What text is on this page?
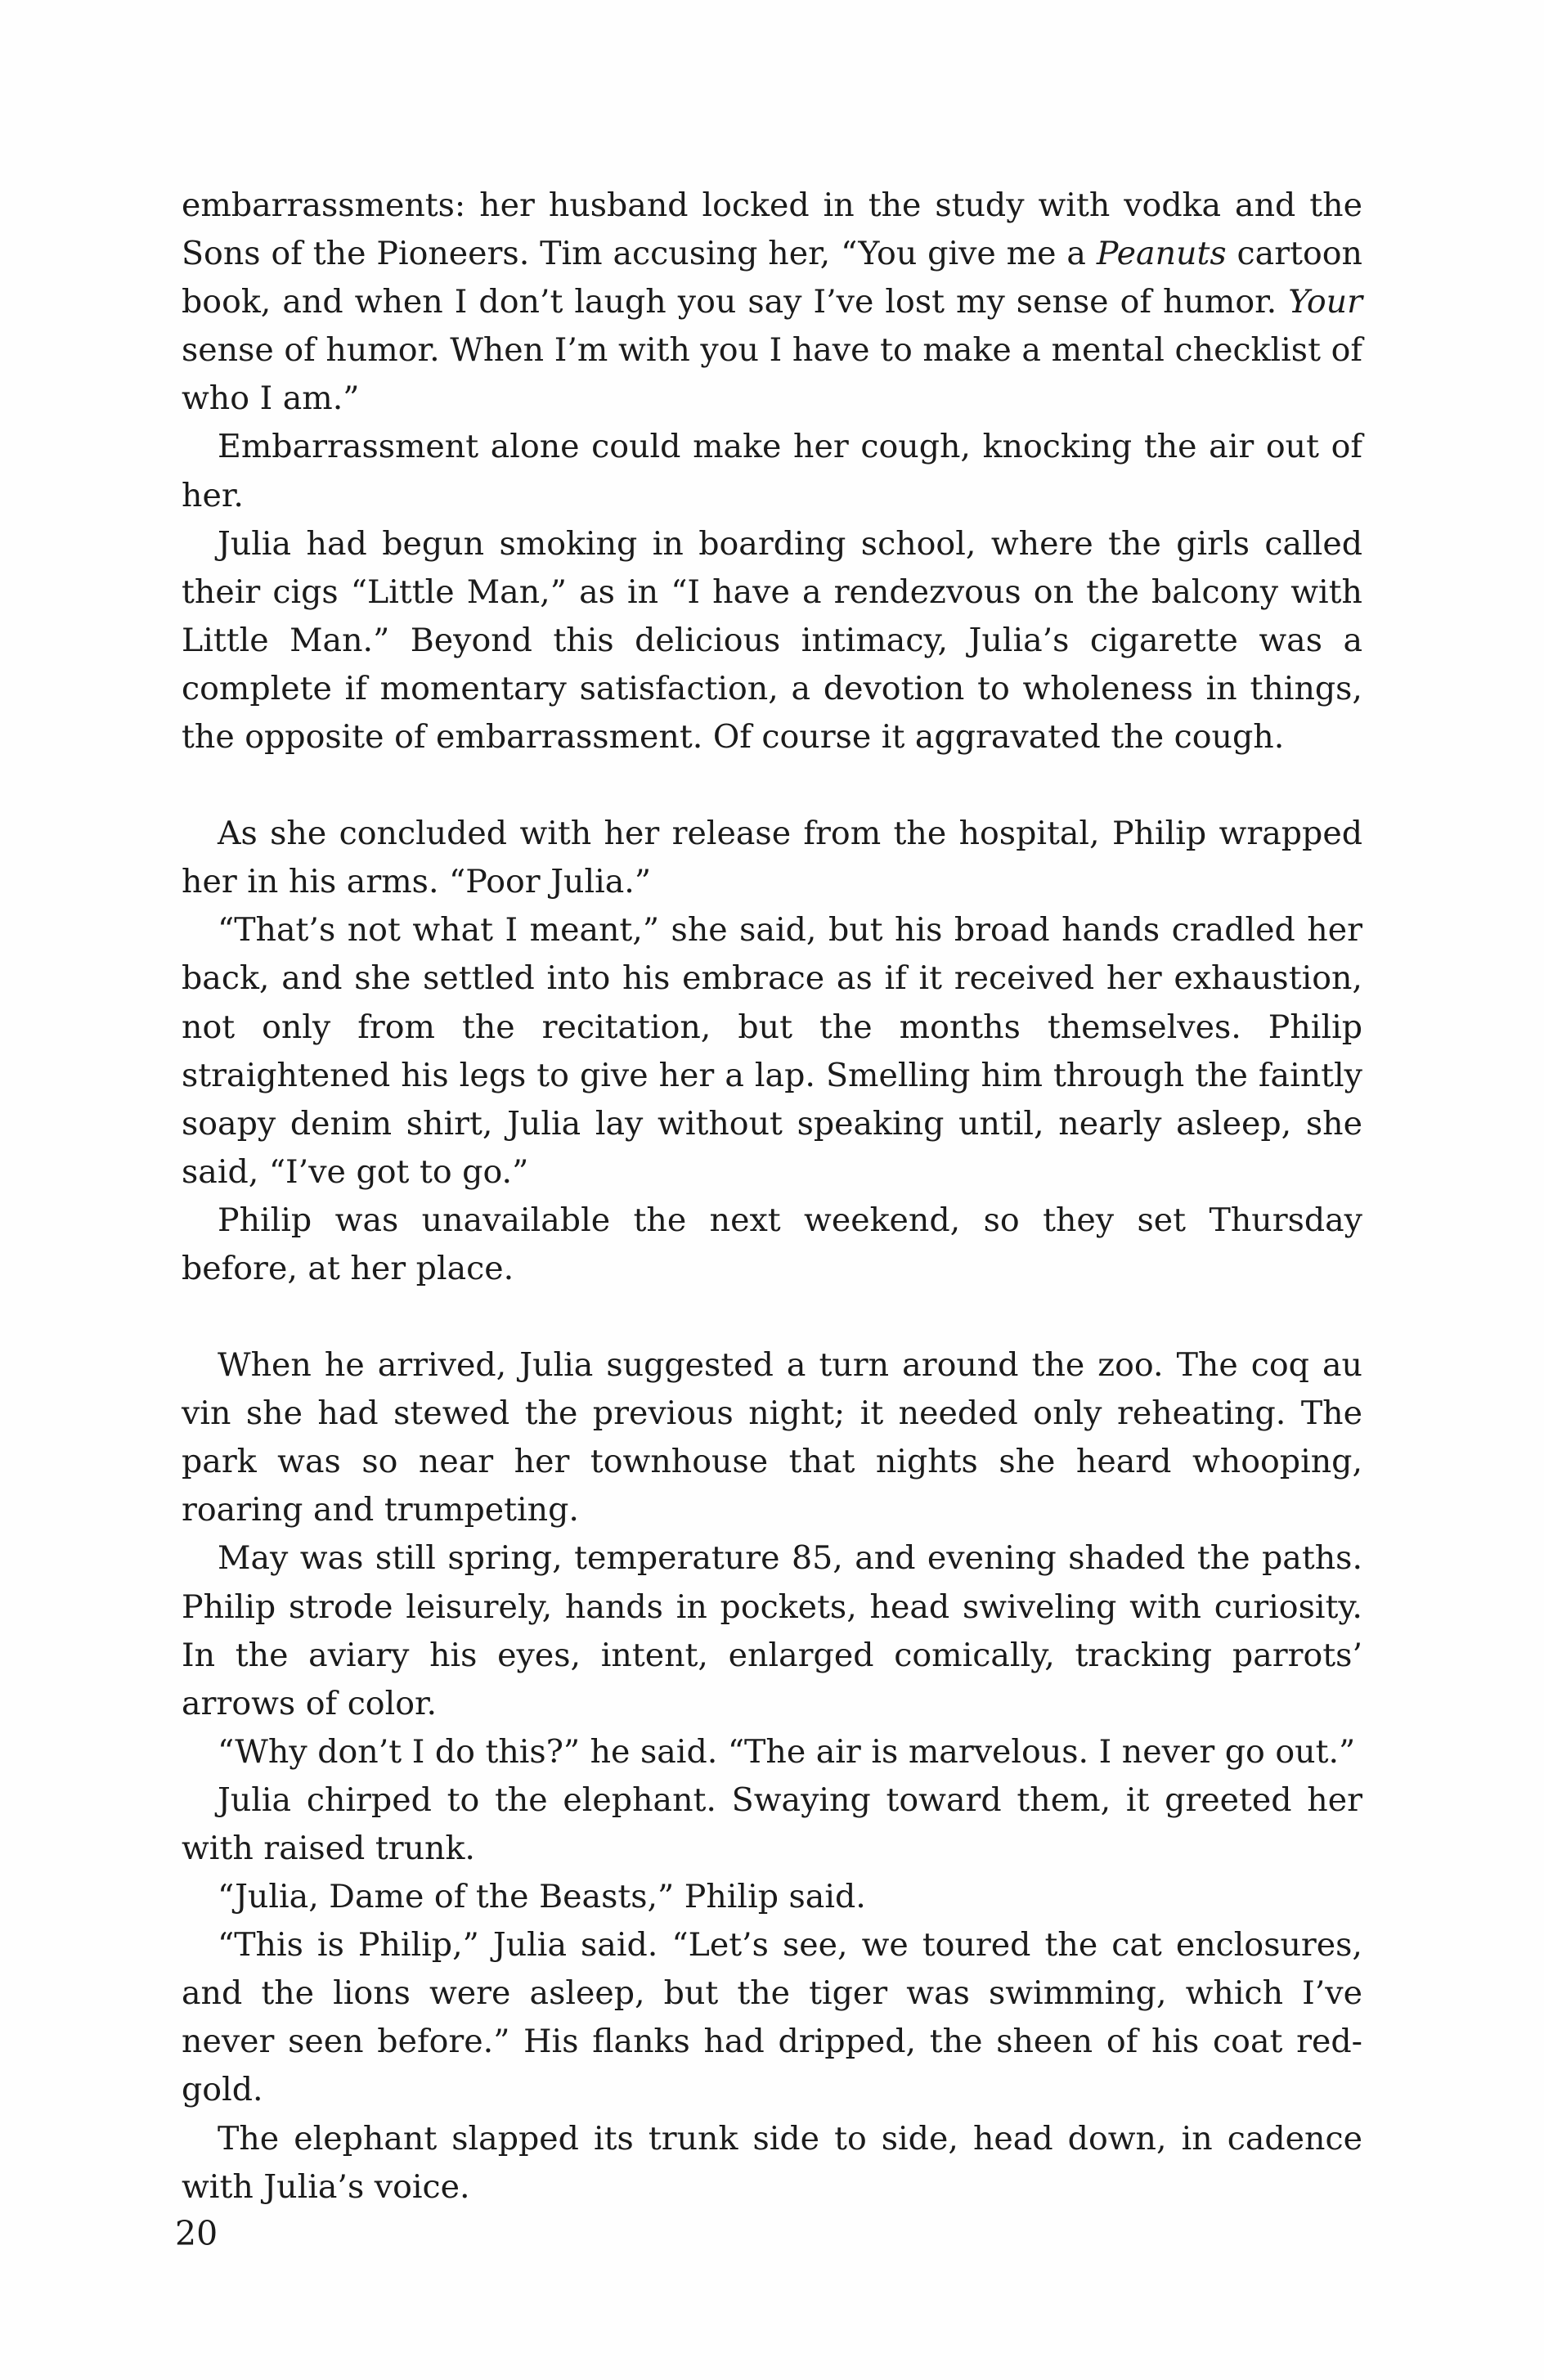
embarrassments: her husband locked in the study with vodka and the Sons of the Pioneers. Tim accusing her, “You give me a Peanuts cartoon book, and when I don’t laugh you say I’ve lost my sense of humor. Your sense of humor. When I’m with you I have to make a mental checklist of who I am.”

Embarrassment alone could make her cough, knocking the air out of her.

Julia had begun smoking in boarding school, where the girls called their cigs “Little Man,” as in “I have a rendezvous on the balcony with Little Man.” Beyond this delicious intimacy, Julia’s cigarette was a complete if momentary satisfaction, a devotion to wholeness in things, the opposite of embarrassment. Of course it aggravated the cough.

As she concluded with her release from the hospital, Philip wrapped her in his arms. “Poor Julia.”

“That’s not what I meant,” she said, but his broad hands cradled her back, and she settled into his embrace as if it received her exhaustion, not only from the recitation, but the months themselves. Philip straightened his legs to give her a lap. Smelling him through the faintly soapy denim shirt, Julia lay without speaking until, nearly asleep, she said, “I’ve got to go.”

Philip was unavailable the next weekend, so they set Thursday before, at her place.

When he arrived, Julia suggested a turn around the zoo. The coq au vin she had stewed the previous night; it needed only reheating. The park was so near her townhouse that nights she heard whooping, roaring and trumpeting.

May was still spring, temperature 85, and evening shaded the paths. Philip strode leisurely, hands in pockets, head swiveling with curiosity. In the aviary his eyes, intent, enlarged comically, tracking parrots’ arrows of color.

“Why don’t I do this?” he said. “The air is marvelous. I never go out.”

Julia chirped to the elephant. Swaying toward them, it greeted her with raised trunk.

“Julia, Dame of the Beasts,” Philip said.

“This is Philip,” Julia said. “Let’s see, we toured the cat enclosures, and the lions were asleep, but the tiger was swimming, which I’ve never seen before.” His flanks had dripped, the sheen of his coat red-gold.

The elephant slapped its trunk side to side, head down, in cadence with Julia’s voice.

20
